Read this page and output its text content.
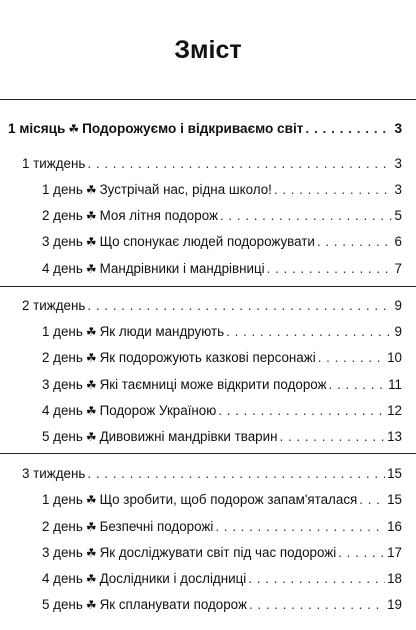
Зміст
1 місяць ☘ Подорожуємо і відкриваємо світ . . .	3
1 тиждень . . .	3
1 день ☘ Зустрічай нас, рідна школо! . . .	3
2 день ☘ Моя літня подорож . . .	5
3 день ☘ Що спонукає людей подорожувати . . .	6
4 день ☘ Мандрівники і мандрівниці . . .	7
2 тиждень . . .	9
1 день ☘ Як люди мандрують . . .	9
2 день ☘ Як подорожують казкові персонажі . . .	10
3 день ☘ Які таємниці може відкрити подорож . . .	11
4 день ☘ Подорож Україною . . .	12
5 день ☘ Дивовижні мандрівки тварин . . .	13
3 тиждень . . .	15
1 день ☘ Що зробити, щоб подорож запам'яталася . . . 15
2 день ☘ Безпечні подорожі . . .	16
3 день ☘ Як досліджувати світ під час подорожі . . .	17
4 день ☘ Дослідники і дослідниці . . .	18
5 день ☘ Як спланувати подорож . . .	19
